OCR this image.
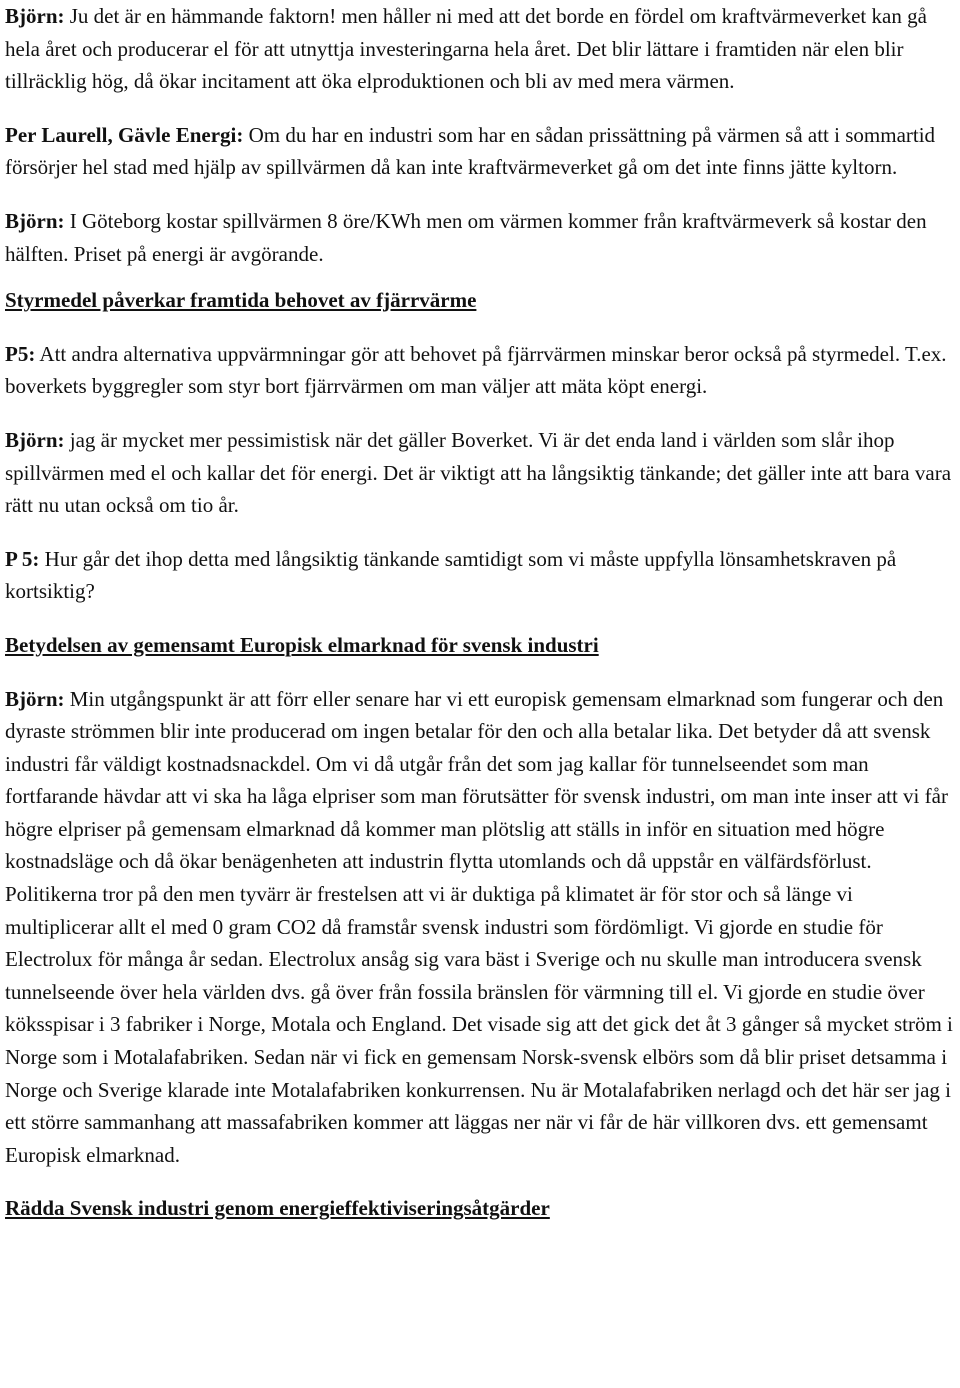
Björn: Ju det är en hämmande faktorn! men håller ni med att det borde en fördel om kraftvärmeverket kan gå hela året och producerar el för att utnyttja investeringarna hela året. Det blir lättare i framtiden när elen blir tillräcklig hög, då ökar incitament att öka elproduktionen och bli av med mera värmen.

Per Laurell, Gävle Energi: Om du har en industri som har en sådan prissättning på värmen så att i sommartid försörjer hel stad med hjälp av spillvärmen då kan inte kraftvärmeverket gå om det inte finns jätte kyltorn.

Björn: I Göteborg kostar spillvärmen 8 öre/KWh men om värmen kommer från kraftvärmeverk så kostar den hälften. Priset på energi är avgörande.

Styrmedel påverkar framtida behovet av fjärrvärme

P5: Att andra alternativa uppvärmningar gör att behovet på fjärrvärmen minskar beror också på styrmedel. T.ex. boverkets byggregler som styr bort fjärrvärmen om man väljer att mäta köpt energi.

Björn: jag är mycket mer pessimistisk när det gäller Boverket. Vi är det enda land i världen som slår ihop spillvärmen med el och kallar det för energi. Det är viktigt att ha långsiktig tänkande; det gäller inte att bara vara rätt nu utan också om tio år.

P 5: Hur går det ihop detta med långsiktig tänkande samtidigt som vi måste uppfylla lönsamhetskraven på kortsiktig?

Betydelsen av gemensamt Europisk elmarknad för svensk industri

Björn: Min utgångspunkt är att förr eller senare har vi ett europisk gemensam elmarknad som fungerar och den dyraste strömmen blir inte producerad om ingen betalar för den och alla betalar lika. Det betyder då att svensk industri får väldigt kostnadsnackdel. Om vi då utgår från det som jag kallar för tunnelseendet som man fortfarande hävdar att vi ska ha låga elpriser som man förutsätter för svensk industri, om man inte inser att vi får högre elpriser på gemensam elmarknad då kommer man plötslig att ställs in inför en situation med högre kostnadsläge och då ökar benägenheten att industrin flytta utomlands och då uppstår en välfärdsförlust. Politikerna tror på den men tyvärr är frestelsen att vi är duktiga på klimatet är för stor och så länge vi multiplicerar allt el med 0 gram CO2 då framstår svensk industri som fördömligt. Vi gjorde en studie för Electrolux för många år sedan. Electrolux ansåg sig vara bäst i Sverige och nu skulle man introducera svensk tunnelseende över hela världen dvs. gå över från fossila bränslen för värmning till el. Vi gjorde en studie över köksspisar i 3 fabriker i Norge, Motala och England. Det visade sig att det gick det åt 3 gånger så mycket ström i Norge som i Motalafabriken. Sedan när vi fick en gemensam Norsk-svensk elbörs som då blir priset detsamma i Norge och Sverige klarade inte Motalafabriken konkurrensen. Nu är Motalafabriken nerlagd och det här ser jag i ett större sammanhang att massafabriken kommer att läggas ner när vi får de här villkoren dvs. ett gemensamt Europisk elmarknad.

Rädda Svensk industri genom energieffektiviseringsåtgärder
